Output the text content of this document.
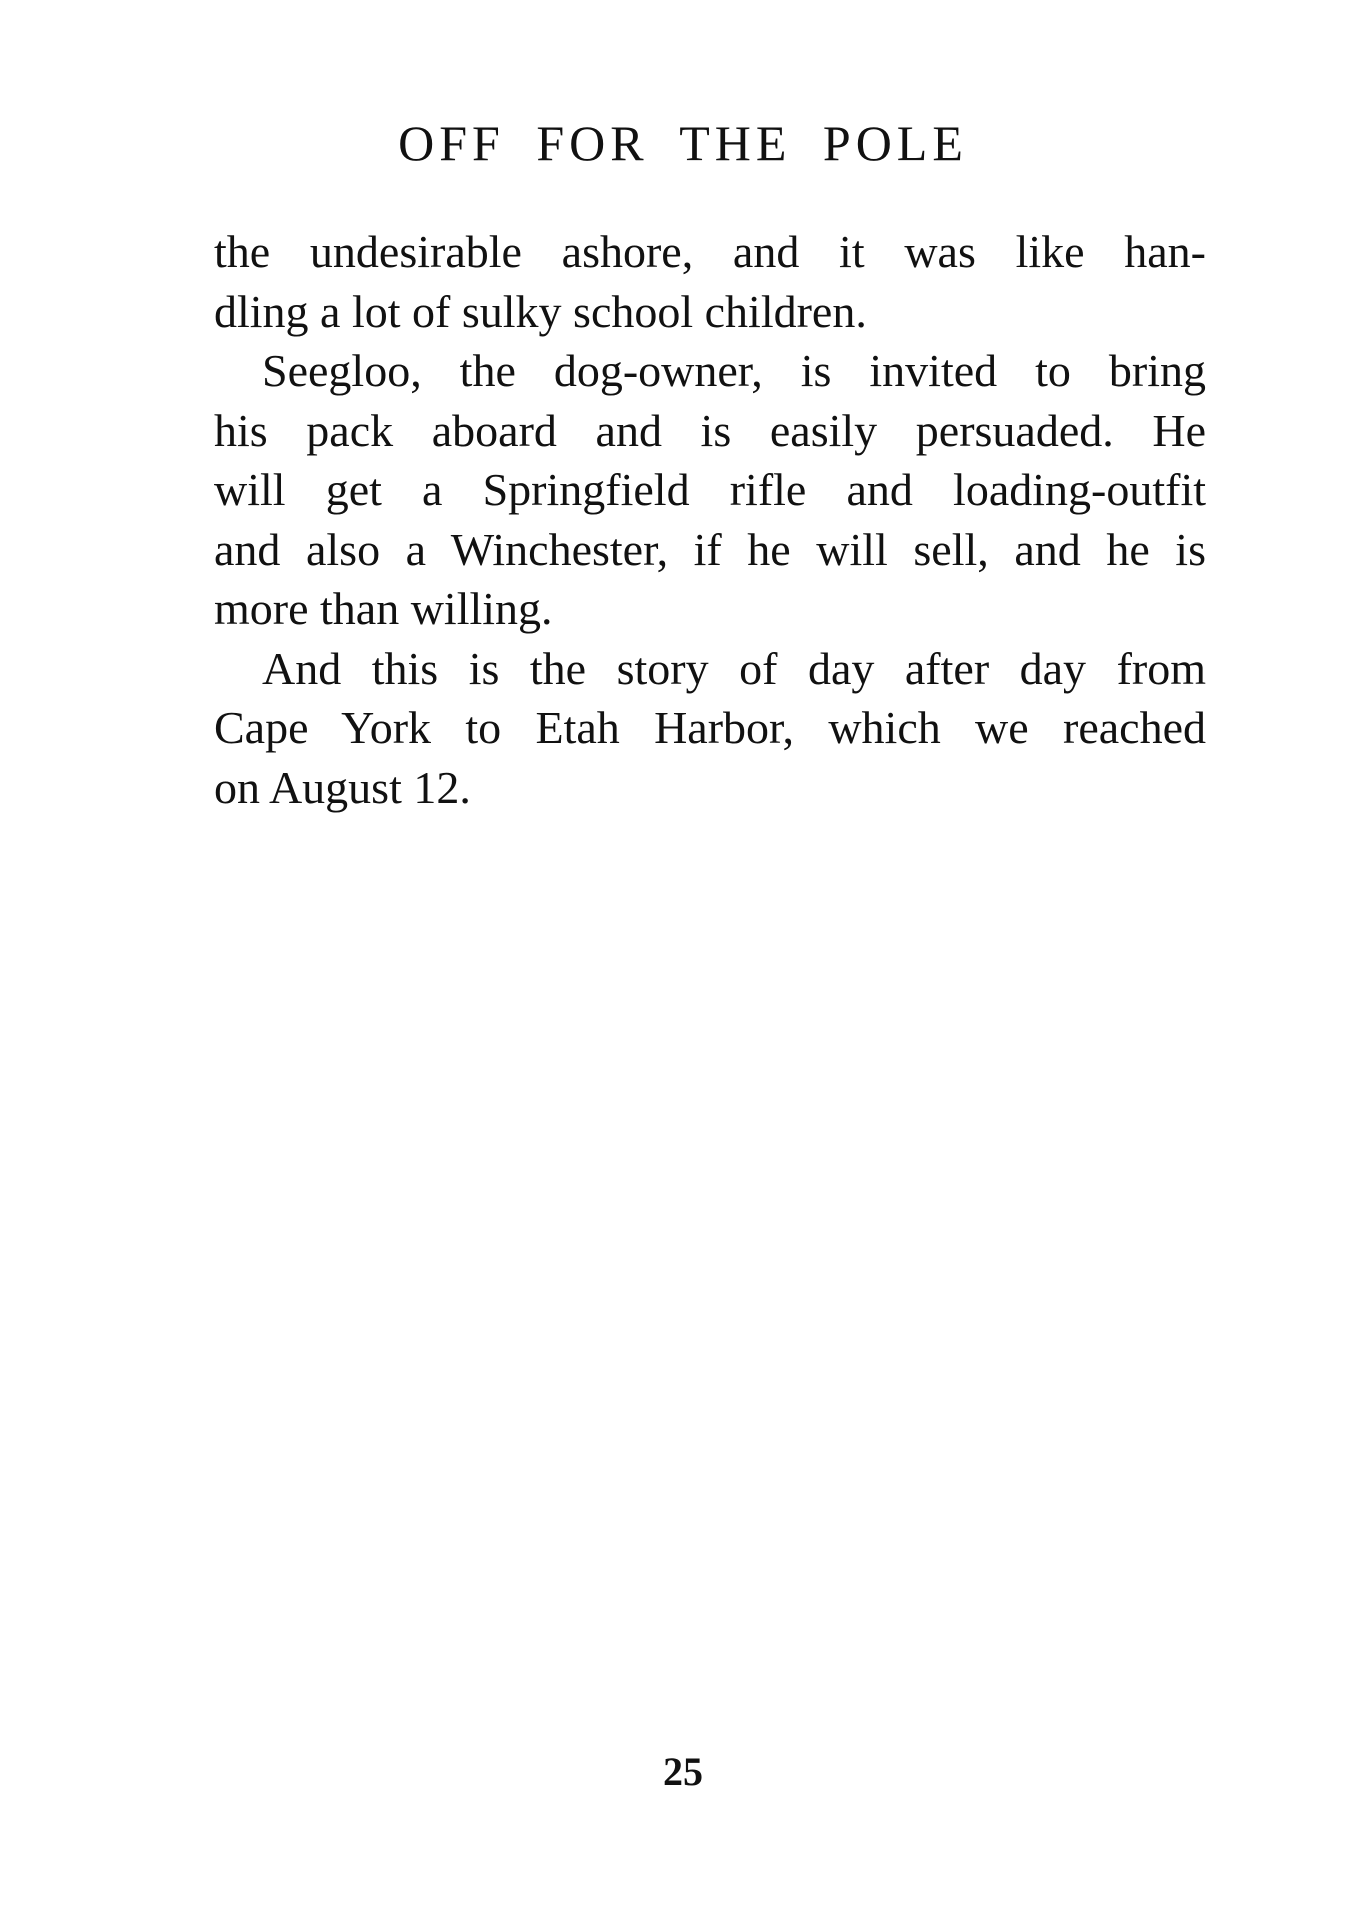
OFF FOR THE POLE
the undesirable ashore, and it was like han-
dling a lot of sulky school children.
Seegloo, the dog-owner, is invited to bring
his pack aboard and is easily persuaded. He
will get a Springfield rifle and loading-outfit
and also a Winchester, if he will sell, and he is
more than willing.
And this is the story of day after day from
Cape York to Etah Harbor, which we reached
on August 12.
25
